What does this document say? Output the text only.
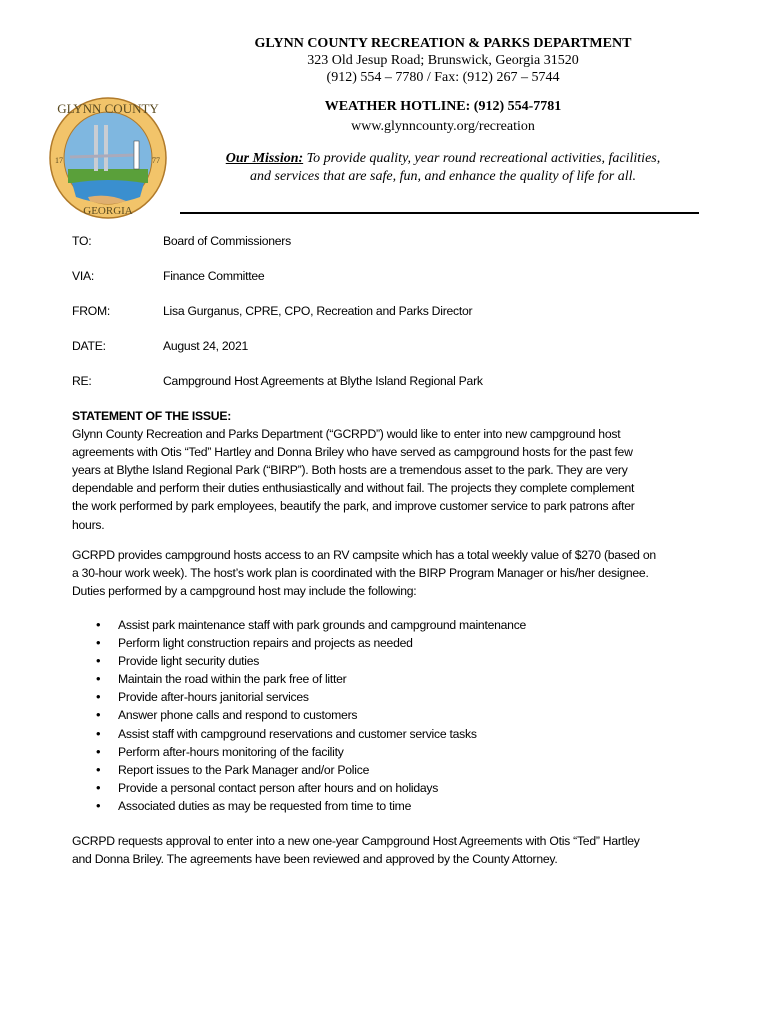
GLYNN COUNTY
GEORGIA
17	77
GLYNN COUNTY RECREATION & PARKS DEPARTMENT
323 Old Jesup Road; Brunswick, Georgia 31520
(912) 554 – 7780 / Fax: (912) 267 – 5744
WEATHER HOTLINE: (912) 554-7781
www.glynncounty.org/recreation
Our Mission: To provide quality, year round recreational activities, facilities,
and services that are safe, fun, and enhance the quality of life for all.
TO:	Board of Commissioners
VIA:	Finance Committee
FROM:	Lisa Gurganus, CPRE, CPO, Recreation and Parks Director
DATE:	August 24, 2021
RE:	Campground Host Agreements at Blythe Island Regional Park
STATEMENT OF THE ISSUE:
Glynn County Recreation and Parks Department (“GCRPD”) would like to enter into new campground host
agreements with Otis “Ted” Hartley and Donna Briley who have served as campground hosts for the past few
years at Blythe Island Regional Park (“BIRP”). Both hosts are a tremendous asset to the park. They are very
dependable and perform their duties enthusiastically and without fail. The projects they complete complement
the work performed by park employees, beautify the park, and improve customer service to park patrons after
hours.
GCRPD provides campground hosts access to an RV campsite which has a total weekly value of $270 (based on
a 30-hour work week). The host’s work plan is coordinated with the BIRP Program Manager or his/her designee.
Duties performed by a campground host may include the following:
• Assist park maintenance staff with park grounds and campground maintenance
• Perform light construction repairs and projects as needed
• Provide light security duties
• Maintain the road within the park free of litter
• Provide after-hours janitorial services
• Answer phone calls and respond to customers
• Assist staff with campground reservations and customer service tasks
• Perform after-hours monitoring of the facility
• Report issues to the Park Manager and/or Police
• Provide a personal contact person after hours and on holidays
• Associated duties as may be requested from time to time
GCRPD requests approval to enter into a new one-year Campground Host Agreements with Otis “Ted” Hartley
and Donna Briley. The agreements have been reviewed and approved by the County Attorney.
